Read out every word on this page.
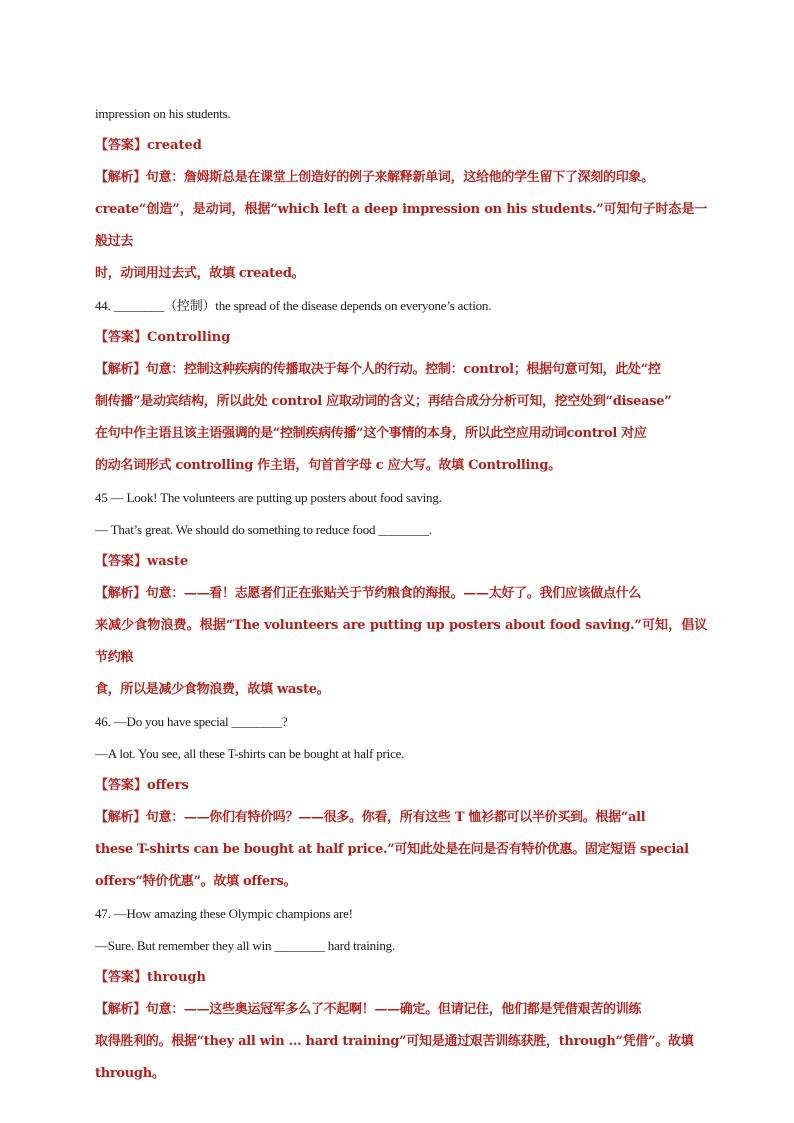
impression on his students.

【答案】created

【解析】句意：詹姆斯总是在课堂上创造好的例子来解释新单词，这给他的学生留下了深刻的印象。

create“创造”，是动词，根据“which left a deep impression on his students.”可知句子时态是一般过去

时，动词用过去式，故填 created。

44. ________（控制）the spread of the disease depends on everyone’s action.

【答案】Controlling

【解析】句意：控制这种疾病的传播取决于每个人的行动。控制：control；根据句意可知，此处“控

制传播”是动宾结构，所以此处 control 应取动词的含义；再结合成分分析可知，挖空处到“disease”

在句中作主语且该主语强调的是“控制疾病传播”这个事情的本身，所以此空应用动词control 对应

的动名词形式 controlling 作主语，句首首字母 c 应大写。故填 Controlling。

45 — Look! The volunteers are putting up posters about food saving.

— That’s great. We should do something to reduce food ________.

【答案】waste

【解析】句意：——看！志愿者们正在张贴关于节约粮食的海报。——太好了。我们应该做点什么

来减少食物浪费。根据“The volunteers are putting up posters about food saving.”可知，倡议节约粮

食，所以是减少食物浪费，故填 waste。

46. —Do you have special ________?

—A lot. You see, all these T-shirts can be bought at half price.

【答案】offers

【解析】句意：——你们有特价吗？——很多。你看，所有这些 T 恤衫都可以半价买到。根据“all

these T-shirts can be bought at half price.”可知此处是在问是否有特价优惠。固定短语 special

offers“特价优惠”。故填 offers。

47. —How amazing these Olympic champions are!

—Sure. But remember they all win ________ hard training.

【答案】through

【解析】句意：——这些奥运冠军多么了不起啊！——确定。但请记住，他们都是凭借艰苦的训练

取得胜利的。根据“they all win … hard training”可知是通过艰苦训练获胜，through“凭借”。故填

through。
